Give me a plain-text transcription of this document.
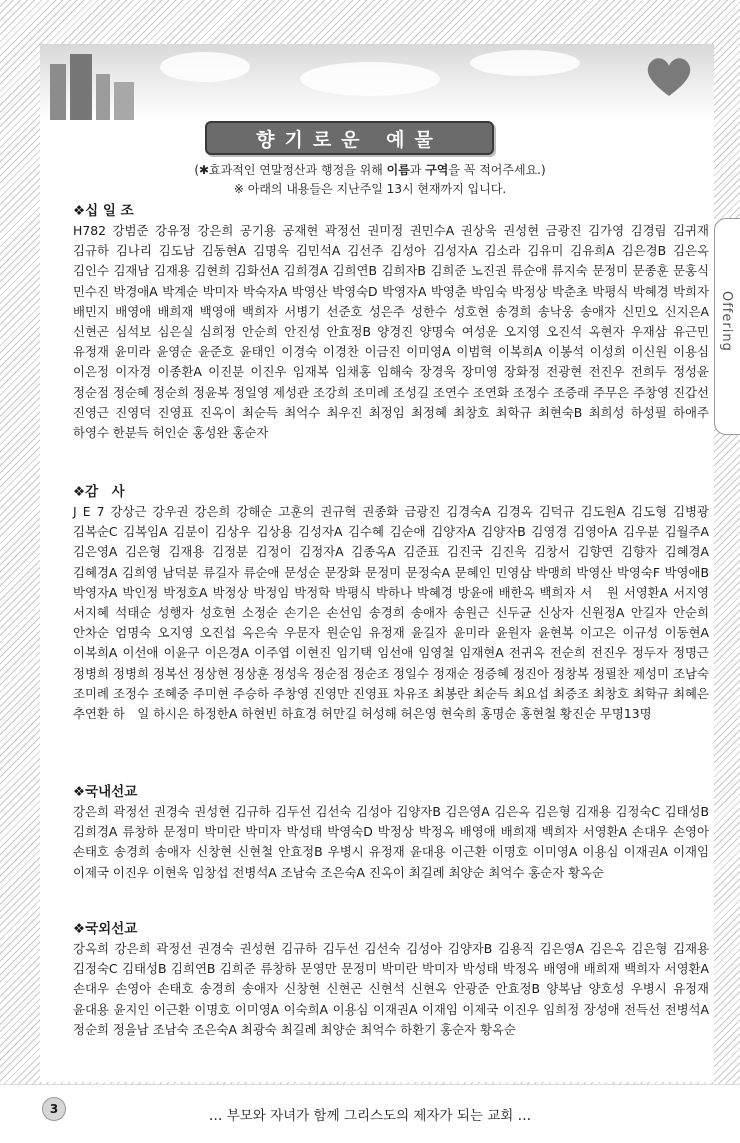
향기로운 예물
(✱효과적인 연말정산과 행정을 위해 이름과 구역을 꼭 적어주세요.)
※ 아래의 내용들은 지난주일 13시 현재까지 입니다.
Offering
❖십 일 조
H782 강범준 강유정 강은희 공기용 공재현 곽정선 권미정 권민수A 권상욱 권성현 금광진 김가영 김경림 김귀재 김규하 김나리 김도남 김동현A 김명욱 김민석A 김선주 김성아 김성자A 김소라 김유미 김유희A 김은경B 김은옥 김인수 김재남 김재용 김현희 김화선A 김희경A 김희연B 김희자B 김희준 노진권 류순애 류지숙 문정미 문종훈 문홍식 민수진 박경애A 박계순 박미자 박숙자A 박영산 박영숙D 박영자A 박영춘 박임숙 박정상 박춘초 박평식 박혜경 박희자 배민지 배영애 배희재 백영애 백희자 서병기 선준호 성은주 성한수 성호현 송경희 송낙웅 송애자 신민오 신지은A 신현곤 심석보 심은실 심희정 안순희 안진성 안효정B 양경진 양명숙 여성운 오지영 오진석 옥현자 우재삼 유근민 유정재 윤미라 윤영순 윤준호 윤태인 이경숙 이경찬 이금진 이미영A 이범혁 이복희A 이봉석 이성희 이신원 이용심 이은정 이자경 이종환A 이진분 이진우 임재복 임채홍 임해숙 장경욱 장미영 장화정 전광현 전진우 전희두 정성윤 정순점 정순혜 정순희 정윤복 정일영 제성관 조강희 조미례 조성길 조연수 조연화 조정수 조증래 주무은 주창영 진갑선 진영근 진영덕 진영표 진옥이 최순득 최억수 최우진 최정임 최정혜 최창호 최학규 최현숙B 최희성 하성필 하애주 하영수 한분득 허인순 홍성완 홍순자
❖감　사
J E 7 강상근 강우권 강은희 강해순 고훈의 권규혁 권종화 금광진 김경숙A 김경옥 김덕규 김도원A 김도형 김병광 김복순C 김복임A 김분이 김상우 김상용 김성자A 김수혜 김순애 김양자A 김양자B 김영경 김영아A 김우분 김월주A 김은영A 김은형 김재용 김정분 김정이 김정자A 김종옥A 김준표 김진국 김진욱 김창서 김향연 김향자 김혜경A 김혜경A 김희영 남덕분 류길자 류순애 문성순 문장화 문정미 문정숙A 문혜인 민영삼 박맹희 박영산 박영숙F 박영애B 박영자A 박인정 박정호A 박정상 박정임 박정학 박평식 박하나 박혜경 방윤애 배한옥 백희자 서　원 서영환A 서지영 서지혜 석태순 성행자 성호현 소정순 손기은 손선임 송경희 송애자 송원근 신두균 신상자 신원정A 안길자 안순희 안차순 엄명숙 오지영 오진섭 옥은숙 우문자 원순임 유정재 윤길자 윤미라 윤원자 윤현복 이고은 이규성 이동현A 이복희A 이선애 이윤구 이은경A 이주엽 이현진 임기택 임선애 임영철 임재현A 전귀옥 전순희 전진우 정두자 정명근 정병희 정병희 정복선 정상현 정상훈 정성욱 정순점 정순조 정일수 정재순 정증혜 정진아 정창복 정필찬 제성미 조남숙 조미례 조정수 조혜중 주미현 주승하 주창영 진영만 진영표 차유조 최봉란 최순득 최요섭 최증조 최창호 최학규 최혜은 추연환 하　일 하시은 하정한A 하현빈 하효경 허만길 허성해 허은영 현숙희 홍명순 홍현철 황진순 무명13명
❖국내선교
강은희 곽정선 권경숙 권성현 김규하 김두선 김선숙 김성아 김양자B 김은영A 김은옥 김은형 김재용 김정숙C 김태성B 김희경A 류창하 문정미 박미란 박미자 박성태 박영숙D 박정상 박정옥 배영애 배희재 백희자 서영환A 손대우 손영아 손태호 송경희 송애자 신창현 신현철 안효정B 우병시 유정재 윤대용 이근환 이명호 이미영A 이용심 이재권A 이재임 이제국 이진우 이현욱 임창섭 전병석A 조남숙 조은숙A 진옥이 최길례 최양순 최억수 홍순자 황옥순
❖국외선교
강옥희 강은희 곽정선 권경숙 권성현 김규하 김두선 김선숙 김성아 김양자B 김용직 김은영A 김은옥 김은형 김재용 김정숙C 김태성B 김희연B 김희준 류창하 문영만 문정미 박미란 박미자 박성태 박정옥 배영애 배희재 백희자 서영환A 손대우 손영아 손태호 송경희 송애자 신창현 신현곤 신현석 신현옥 안광준 안효정B 양복남 양호성 우병시 유정재 윤대용 윤지인 이근환 이명호 이미영A 이숙희A 이용심 이재권A 이재임 이제국 이진우 임희정 장성애 전득선 전병석A 정순희 정을남 조남숙 조은숙A 최광숙 최길례 최양순 최억수 하환기 홍순자 황옥순
3	… 부모와 자녀가 함께 그리스도의 제자가 되는 교회 …
